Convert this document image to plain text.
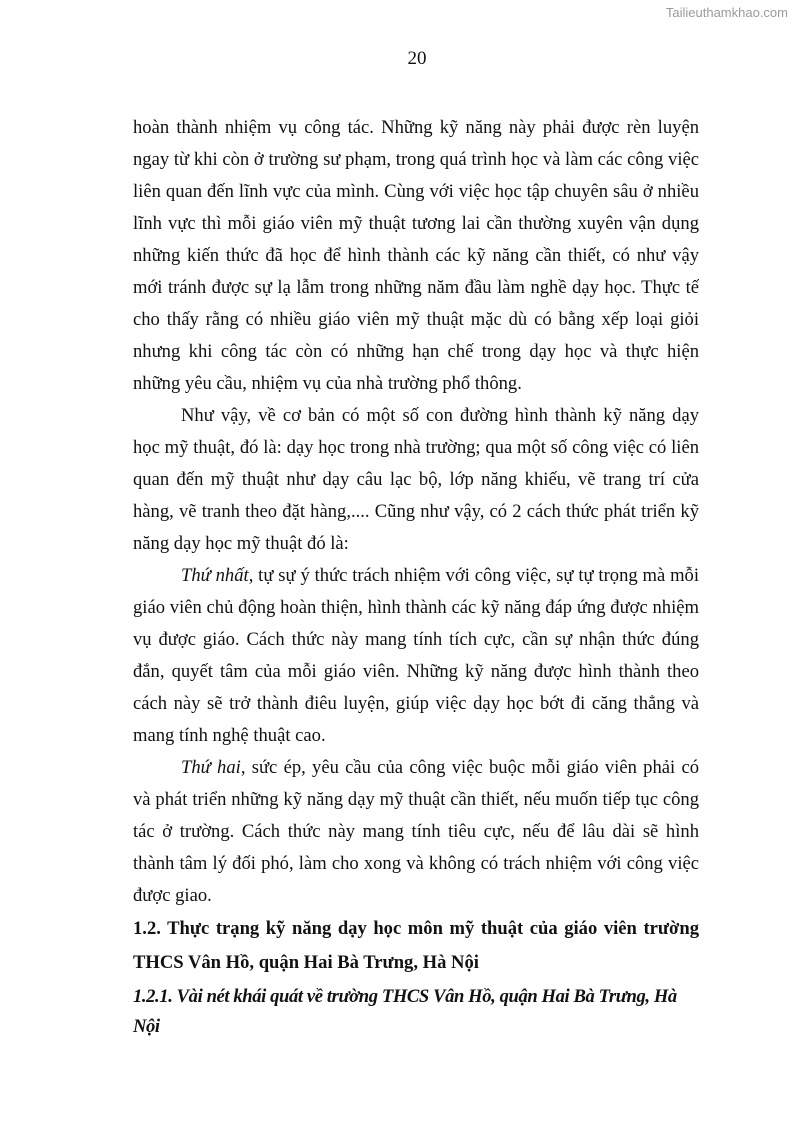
Tailieuthamkhao.com
20
hoàn thành nhiệm vụ công tác. Những kỹ năng này phải được rèn luyện
ngay từ khi còn ở trường sư phạm, trong quá trình học và làm các công việc
liên quan đến lĩnh vực của mình. Cùng với việc học tập chuyên sâu ở nhiều
lĩnh vực thì mỗi giáo viên mỹ thuật tương lai cần thường xuyên vận dụng
những kiến thức đã học để hình thành các kỹ năng cần thiết, có như vậy
mới tránh được sự lạ lẫm trong những năm đầu làm nghề dạy học. Thực tế
cho thấy rằng có nhiều giáo viên mỹ thuật mặc dù có bằng xếp loại giỏi
nhưng khi công tác còn có những hạn chế trong dạy học và thực hiện
những yêu cầu, nhiệm vụ của nhà trường phổ thông.
Như vậy, về cơ bản có một số con đường hình thành kỹ năng dạy
học mỹ thuật, đó là: dạy học trong nhà trường; qua một số công việc có liên
quan đến mỹ thuật như dạy câu lạc bộ, lớp năng khiếu, vẽ trang trí cửa
hàng, vẽ tranh theo đặt hàng,.... Cũng như vậy, có 2 cách thức phát triển kỹ
năng dạy học mỹ thuật đó là:
Thứ nhất, tự sự ý thức trách nhiệm với công việc, sự tự trọng mà mỗi
giáo viên chủ động hoàn thiện, hình thành các kỹ năng đáp ứng được nhiệm
vụ được giáo. Cách thức này mang tính tích cực, cần sự nhận thức đúng
đắn, quyết tâm của mỗi giáo viên. Những kỹ năng được hình thành theo
cách này sẽ trở thành điêu luyện, giúp việc dạy học bớt đi căng thẳng và
mang tính nghệ thuật cao.
Thứ hai, sức ép, yêu cầu của công việc buộc mỗi giáo viên phải có
và phát triển những kỹ năng dạy mỹ thuật cần thiết, nếu muốn tiếp tục công
tác ở trường. Cách thức này mang tính tiêu cực, nếu để lâu dài sẽ hình
thành tâm lý đối phó, làm cho xong và không có trách nhiệm với công việc
được giao.
1.2. Thực trạng kỹ năng dạy học môn mỹ thuật của giáo viên trường
THCS Vân Hồ, quận Hai Bà Trưng, Hà Nội
1.2.1. Vài nét khái quát về trường THCS Vân Hồ, quận Hai Bà Trưng, Hà Nội
